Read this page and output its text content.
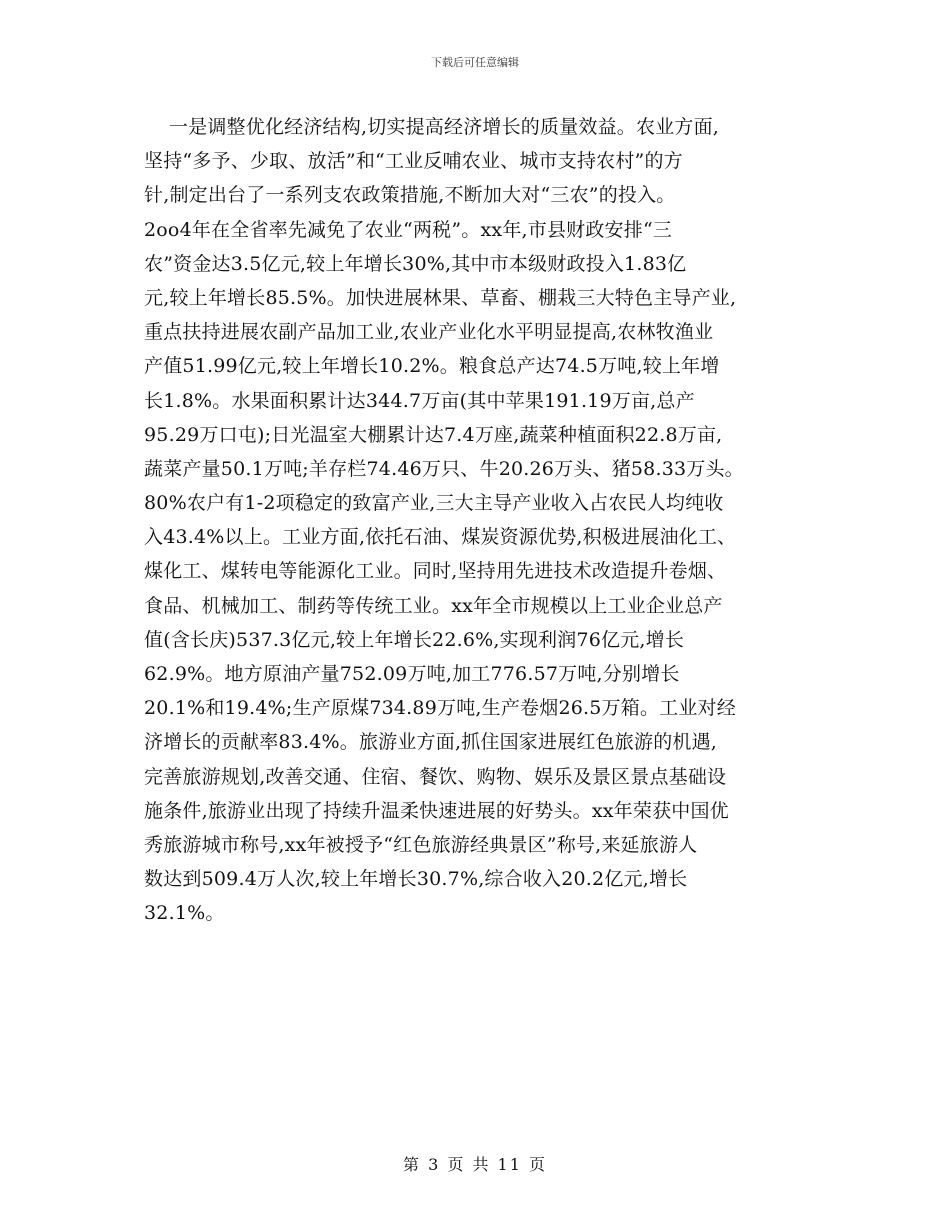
下载后可任意编辑
一是调整优化经济结构,切实提高经济增长的质量效益。农业方面,
坚持“多予、少取、放活”和“工业反哺农业、城市支持农村”的方
针,制定出台了一系列支农政策措施,不断加大对“三农”的投入。
2oo4年在全省率先减免了农业“两税”。xx年,市县财政安排“三
农”资金达3.5亿元,较上年增长30%,其中市本级财政投入1.83亿
元,较上年增长85.5%。加快进展林果、草畜、棚栽三大特色主导产业,
重点扶持进展农副产品加工业,农业产业化水平明显提高,农林牧渔业
产值51.99亿元,较上年增长10.2%。粮食总产达74.5万吨,较上年增
长1.8%。水果面积累计达344.7万亩(其中苹果191.19万亩,总产
95.29万口屯);日光温室大棚累计达7.4万座,蔬菜种植面积22.8万亩,
蔬菜产量50.1万吨;羊存栏74.46万只、牛20.26万头、猪58.33万头。
80%农户有1-2项稳定的致富产业,三大主导产业收入占农民人均纯收
入43.4%以上。工业方面,依托石油、煤炭资源优势,积极进展油化工、
煤化工、煤转电等能源化工业。同时,坚持用先进技术改造提升卷烟、
食品、机械加工、制药等传统工业。xx年全市规模以上工业企业总产
值(含长庆)537.3亿元,较上年增长22.6%,实现利润76亿元,增长
62.9%。地方原油产量752.09万吨,加工776.57万吨,分别增长
20.1%和19.4%;生产原煤734.89万吨,生产卷烟26.5万箱。工业对经
济增长的贡献率83.4%。旅游业方面,抓住国家进展红色旅游的机遇,
完善旅游规划,改善交通、住宿、餐饮、购物、娱乐及景区景点基础设
施条件,旅游业出现了持续升温柔快速进展的好势头。xx年荣获中国优
秀旅游城市称号,xx年被授予“红色旅游经典景区”称号,来延旅游人
数达到509.4万人次,较上年增长30.7%,综合收入20.2亿元,增长
32.1%。
第 3 页 共 11 页
